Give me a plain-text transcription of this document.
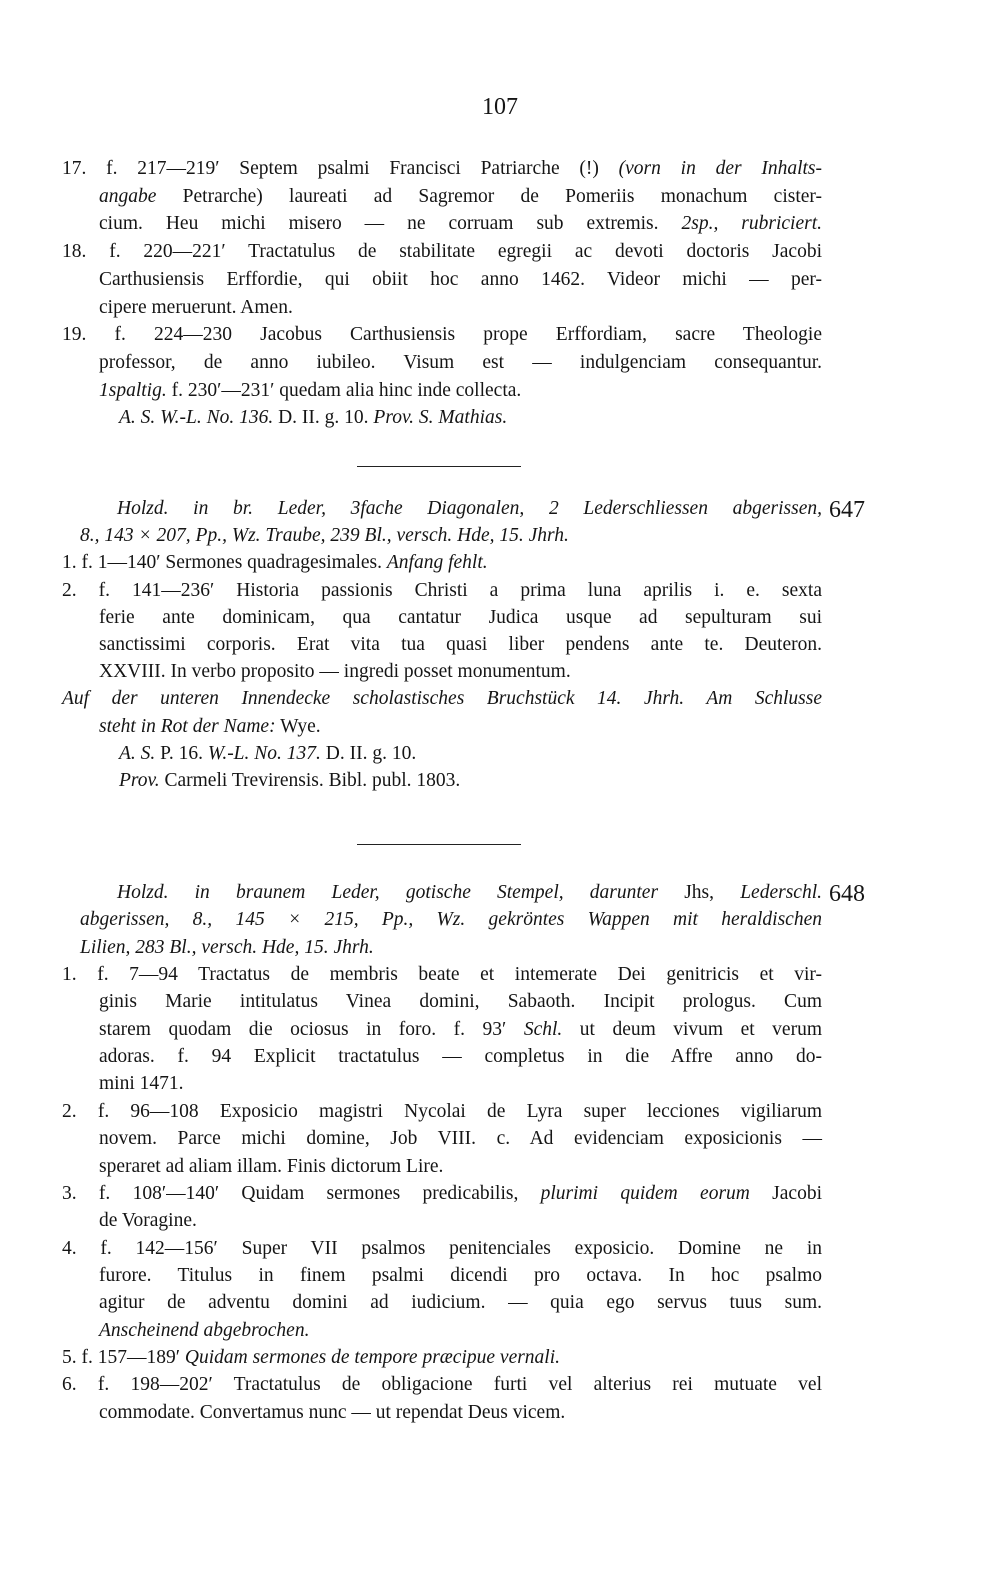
107
17. f. 217—219′ Septem psalmi Francisci Patriarche (!) (vorn in der Inhalts-
angabe Petrarche) laureati ad Sagremor de Pomeriis monachum cister-
cium. Heu michi misero — ne corruam sub extremis. 2sp., rubriciert.
18. f. 220—221′ Tractatulus de stabilitate egregii ac devoti doctoris Jacobi
Carthusiensis Erffordie, qui obiit hoc anno 1462. Videor michi — per-
cipere meruerunt. Amen.
19. f. 224—230 Jacobus Carthusiensis prope Erffordiam, sacre Theologie
professor, de anno iubileo. Visum est — indulgenciam consequantur.
1spaltig. f. 230′—231′ quedam alia hinc inde collecta.
A. S. W.-L. No. 136. D. II. g. 10. Prov. S. Mathias.
647
Holzd. in br. Leder, 3fache Diagonalen, 2 Lederschliessen abgerissen,
8., 143 × 207, Pp., Wz. Traube, 239 Bl., versch. Hde, 15. Jhrh.
1. f. 1—140′ Sermones quadragesimales. Anfang fehlt.
2. f. 141—236′ Historia passionis Christi a prima luna aprilis i. e. sexta
ferie ante dominicam, qua cantatur Judica usque ad sepulturam sui
sanctissimi corporis. Erat vita tua quasi liber pendens ante te. Deuteron.
XXVIII. In verbo proposito — ingredi posset monumentum.
Auf der unteren Innendecke scholastisches Bruchstück 14. Jhrh. Am Schlusse
steht in Rot der Name: Wye.
A. S. P. 16. W.-L. No. 137. D. II. g. 10.
Prov. Carmeli Trevirensis. Bibl. publ. 1803.
648
Holzd. in braunem Leder, gotische Stempel, darunter Jhs, Lederschl.
abgerissen, 8., 145 × 215, Pp., Wz. gekröntes Wappen mit heraldischen
Lilien, 283 Bl., versch. Hde, 15. Jhrh.
1. f. 7—94 Tractatus de membris beate et intemerate Dei genitricis et vir-
ginis Marie intitulatus Vinea domini, Sabaoth. Incipit prologus. Cum
starem quodam die ociosus in foro. f. 93′ Schl. ut deum vivum et verum
adoras. f. 94 Explicit tractatulus — completus in die Affre anno do-
mini 1471.
2. f. 96—108 Exposicio magistri Nycolai de Lyra super lecciones vigiliarum
novem. Parce michi domine, Job VIII. c. Ad evidenciam exposicionis —
speraret ad aliam illam. Finis dictorum Lire.
3. f. 108′—140′ Quidam sermones predicabilis, plurimi quidem eorum Jacobi
de Voragine.
4. f. 142—156′ Super VII psalmos penitenciales exposicio. Domine ne in
furore. Titulus in finem psalmi dicendi pro octava. In hoc psalmo
agitur de adventu domini ad iudicium. — quia ego servus tuus sum.
Anscheinend abgebrochen.
5. f. 157—189′ Quidam sermones de tempore præcipue vernali.
6. f. 198—202′ Tractatulus de obligacione furti vel alterius rei mutuate vel
commodate. Convertamus nunc — ut rependat Deus vicem.
